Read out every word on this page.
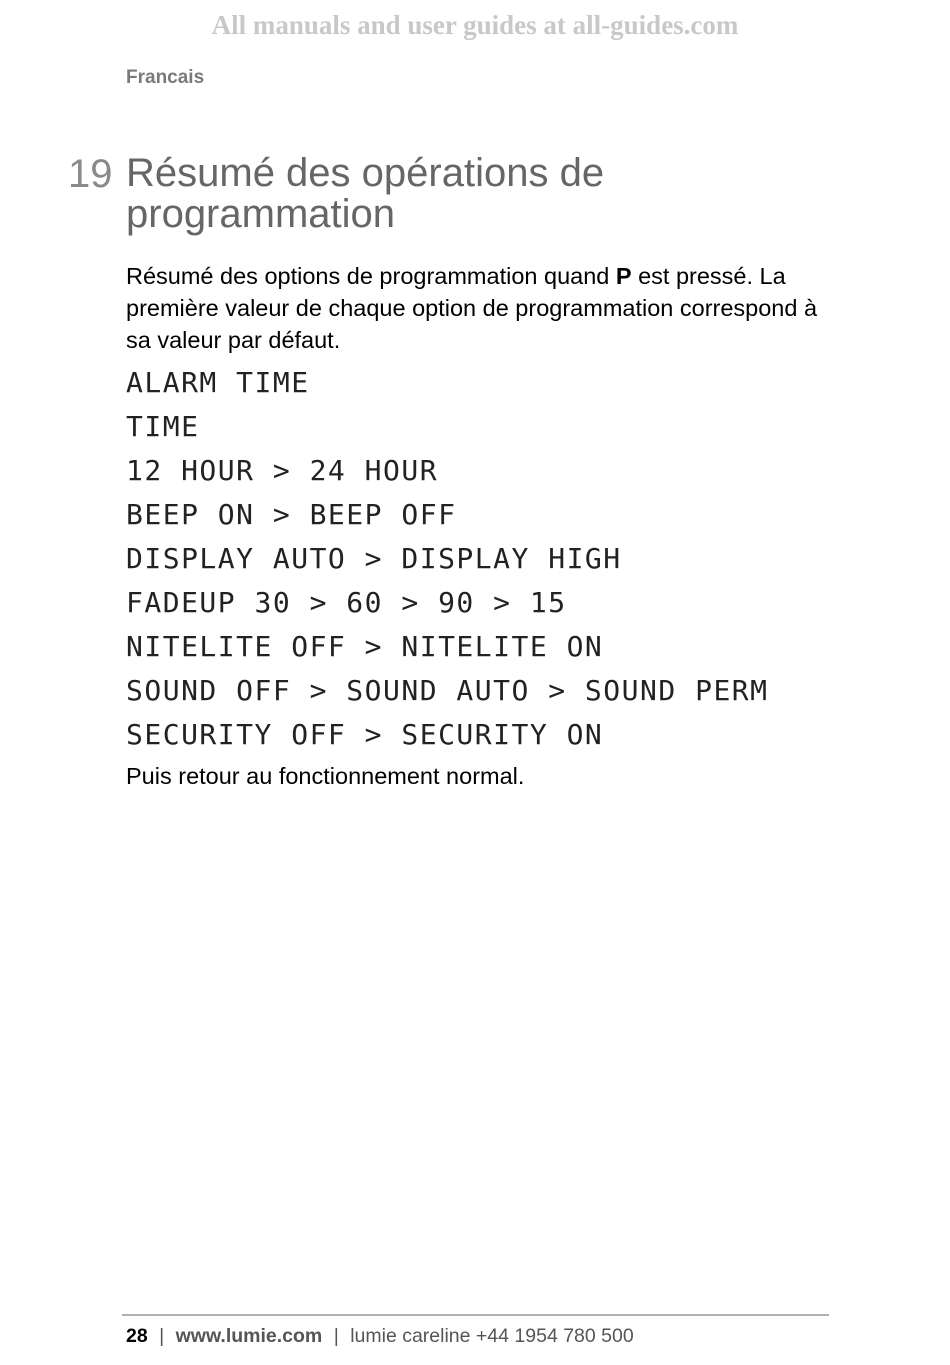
All manuals and user guides at all-guides.com
Francais
19 Résumé des opérations de
programmation
Résumé des options de programmation quand P est pressé. La première valeur de chaque option de programmation correspond à sa valeur par défaut.
ALARM TIME
TIME
12 HOUR > 24 HOUR
BEEP ON > BEEP OFF
DISPLAY AUTO > DISPLAY HIGH
FADEUP 30 > 60 > 90 > 15
NITELITE OFF > NITELITE ON
SOUND OFF > SOUND AUTO > SOUND PERM
SECURITY OFF > SECURITY ON
Puis retour au fonctionnement normal.
28 | www.lumie.com | lumie careline +44 1954 780 500
